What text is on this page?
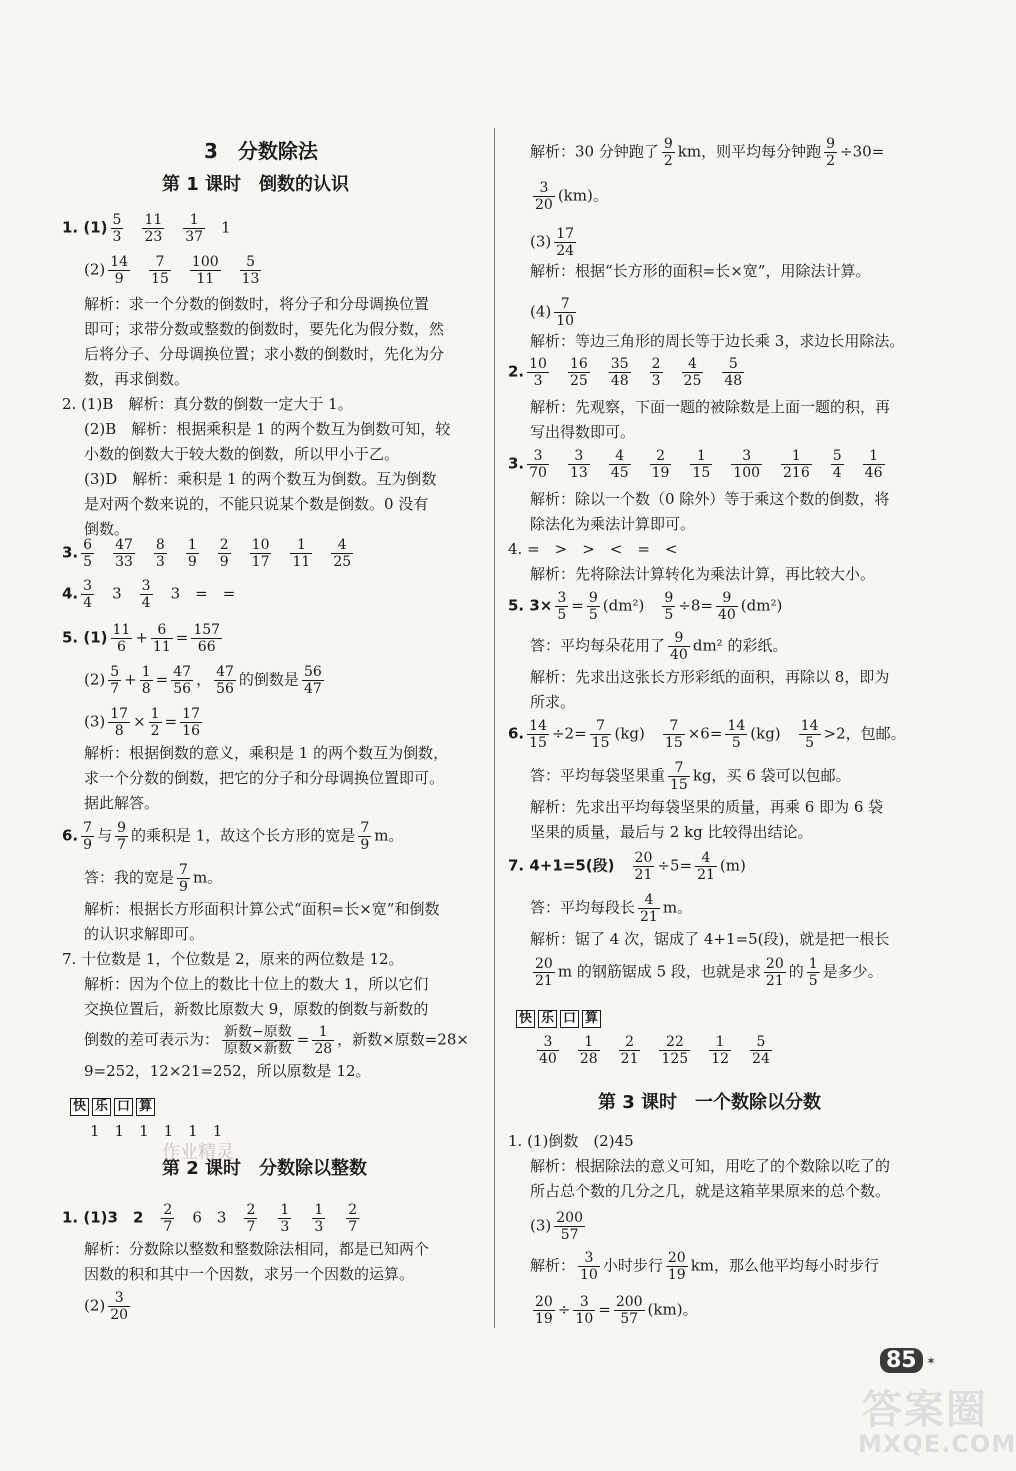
3　分数除法
第 1 课时　倒数的认识
1. $(1) \frac{5}{3} \frac{11}{23} \frac{1}{37} 1$
$(2) \frac{14}{9} \frac{7}{15} \frac{100}{11} \frac{5}{13}$
解析：求一个分数的倒数时，将分子和分母调换位置
即可；求带分数或整数的倒数时，要先化为假分数，然
后将分子、分母调换位置；求小数的倒数时，先化为分
数，再求倒数。
2. (1)B　解析：真分数的倒数一定大于 1。
(2)B　解析：根据乘积是 1 的两个数互为倒数可知，较
小数的倒数大于较大数的倒数，所以甲小于乙。
(3)D　解析：乘积是 1 的两个数互为倒数。互为倒数
是对两个数来说的，不能只说某个数是倒数。0 没有
倒数。
3. $\frac{6}{5} \frac{47}{33} \frac{8}{3} \frac{1}{9} \frac{2}{9} \frac{10}{17} \frac{1}{11} \frac{4}{25}$
4. $\frac{3}{4}$
　 3　 $\frac{3}{4}$
　 3　=　=
5. $(1) \frac{11}{6} + \frac{6}{11} = \frac{157}{66}$
$(2) \frac{5}{7} + \frac{1}{8} = \frac{47}{56}$ ， $\frac{47}{56}$ 的倒数是 $\frac{56}{47}$
$(3) \frac{17}{8} \times \frac{1}{2} = \frac{17}{16}$
解析：根据倒数的意义，乘积是 1 的两个数互为倒数，
求一个分数的倒数，把它的分子和分母调换位置即可。
据此解答。
6. $\frac{7}{9}$ 与 $\frac{9}{7}$ 的乘积是 1，故这个长方形的宽是 $\frac{7}{9}$ m。
答：我的宽是 $\frac{7}{9}$ m。
解析：根据长方形面积计算公式“面积=长×宽”和倒数
的认识求解即可。
7. 十位数是 1，个位数是 2，原来的两位数是 12。
解析：因为个位上的数比十位上的数大 1，所以它们
交换位置后，新数比原数大 9，原数的倒数与新数的
倒数的差可表示为： $\frac{\text{新数−原数}}{\text{原数×新数}} = \frac{1}{28}$ ，新数×原数=28×
9=252，12×21=252，所以原数是 12。
快 乐 口 算
1　1　1　1　1　1
第 2 课时　分数除以整数
1. (1)3　2　 $\frac{2}{7}$
　 6　3　 $\frac{2}{7}$
　 $\frac{1}{3}$
　 $\frac{1}{3}$
　 $\frac{2}{7}$
解析：分数除以整数和整数除法相同，都是已知两个
因数的积和其中一个因数，求另一个因数的运算。
$(2) \frac{3}{20}$
解析：30 分钟跑了 $\frac{9}{2}$ km，则平均每分钟跑 $\frac{9}{2} \div 30=$
$\frac{3}{20} (km)$。
$(3) \frac{17}{24}$
解析：根据“长方形的面积=长×宽”，用除法计算。
$(4) \frac{7}{10}$
解析：等边三角形的周长等于边长乘 3，求边长用除法。
2. $\frac{10}{3} \frac{16}{25} \frac{35}{48} \frac{2}{3} \frac{4}{25} \frac{5}{48}$
解析：先观察，下面一题的被除数是上面一题的积，再
写出得数即可。
3. $\frac{3}{70} \frac{3}{13} \frac{4}{45} \frac{2}{19} \frac{1}{15} \frac{3}{100} \frac{1}{216} \frac{5}{4} \frac{1}{46}$
解析：除以一个数（0 除外）等于乘这个数的倒数，将
除法化为乘法计算即可。
4. =　>　>　<　=　<
解析：先将除法计算转化为乘法计算，再比较大小。
5. $3\times \frac{3}{5} = \frac{9}{5} (dm^2)$　 $\frac{9}{5} \div 8= \frac{9}{40} (dm^2)$
答：平均每朵花用了 $\frac{9}{40} dm^2$ 的彩纸。
解析：先求出这张长方形彩纸的面积，再除以 8，即为
所求。
6. $\frac{14}{15} \div 2= \frac{7}{15} (kg)$　 $\frac{7}{15} \times 6= \frac{14}{5} (kg)$　 $\frac{14}{5} >2$，包邮。
答：平均每袋坚果重 $\frac{7}{15}$ kg，买 6 袋可以包邮。
解析：先求出平均每袋坚果的质量，再乘 6 即为 6 袋
坚果的质量，最后与 2 kg 比较得出结论。
7. 4+1=5(段)　 $\frac{20}{21} \div 5= \frac{4}{21} (m)$
答：平均每段长 $\frac{4}{21}$ m。
解析：锯了 4 次，锯成了 4+1=5(段)，就是把一根长
$\frac{20}{21}$ m 的钢筋锯成 5 段，也就是求 $\frac{20}{21}$ 的 $\frac{1}{5}$ 是多少。
快 乐 口 算
$\frac{3}{40} \frac{1}{28} \frac{2}{21} \frac{22}{125} \frac{1}{12} \frac{5}{24}$
第 3 课时　一个数除以分数
1. (1)倒数　(2)45
解析：根据除法的意义可知，用吃了的个数除以吃了的
所占总个数的几分之几，就是这箱苹果原来的总个数。
$(3) \frac{200}{57}$
解析： $\frac{3}{10}$ 小时步行 $\frac{20}{19}$ km，那么他平均每小时步行
$\frac{20}{19} \div \frac{3}{10} = \frac{200}{57} (km)$。
作业精灵
85 ✶
答案圈
MXQE.COM
